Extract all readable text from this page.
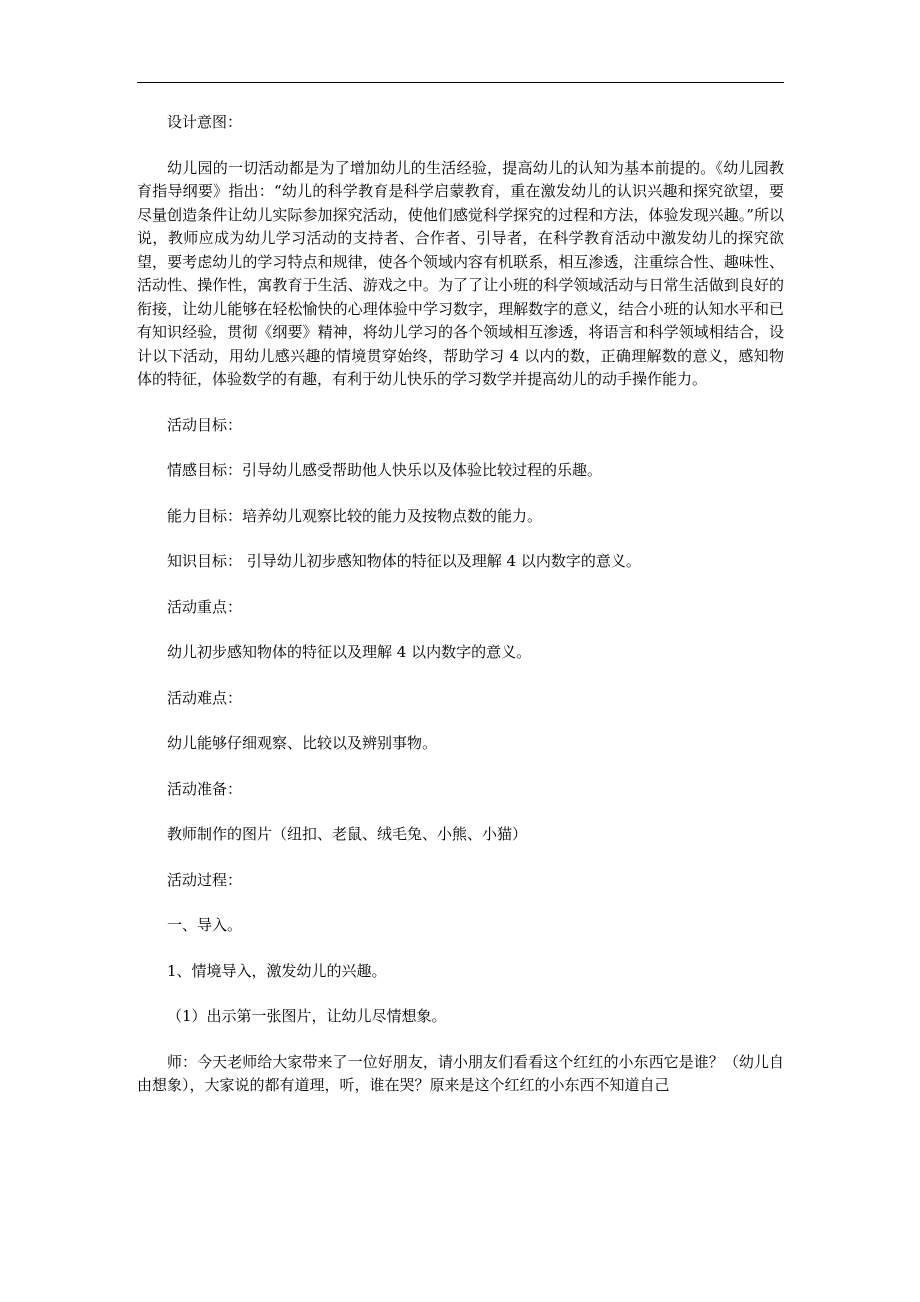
设计意图：

幼儿园的一切活动都是为了增加幼儿的生活经验，提高幼儿的认知为基本前提的。《幼儿园教育指导纲要》指出：“幼儿的科学教育是科学启蒙教育，重在激发幼儿的认识兴趣和探究欲望，要尽量创造条件让幼儿实际参加探究活动，使他们感觉科学探究的过程和方法，体验发现兴趣。”所以说，教师应成为幼儿学习活动的支持者、合作者、引导者，在科学教育活动中激发幼儿的探究欲望，要考虑幼儿的学习特点和规律，使各个领域内容有机联系，相互渗透，注重综合性、趣味性、活动性、操作性，寓教育于生活、游戏之中。为了了让小班的科学领域活动与日常生活做到良好的衔接，让幼儿能够在轻松愉快的心理体验中学习数字，理解数字的意义，结合小班的认知水平和已有知识经验，贯彻《纲要》精神，将幼儿学习的各个领域相互渗透，将语言和科学领域相结合，设计以下活动，用幼儿感兴趣的情境贯穿始终，帮助学习 4 以内的数，正确理解数的意义，感知物体的特征，体验数学的有趣，有利于幼儿快乐的学习数学并提高幼儿的动手操作能力。

活动目标：

情感目标：引导幼儿感受帮助他人快乐以及体验比较过程的乐趣。

能力目标：培养幼儿观察比较的能力及按物点数的能力。

知识目标： 引导幼儿初步感知物体的特征以及理解 4 以内数字的意义。

活动重点：

幼儿初步感知物体的特征以及理解 4 以内数字的意义。

活动难点：

幼儿能够仔细观察、比较以及辨别事物。

活动准备：

教师制作的图片（纽扣、老鼠、绒毛兔、小熊、小猫）

活动过程：

一、导入。

1、情境导入，激发幼儿的兴趣。

（1）出示第一张图片，让幼儿尽情想象。

师：今天老师给大家带来了一位好朋友，请小朋友们看看这个红红的小东西它是谁？（幼儿自由想象），大家说的都有道理，听，谁在哭？原来是这个红红的小东西不知道自己
